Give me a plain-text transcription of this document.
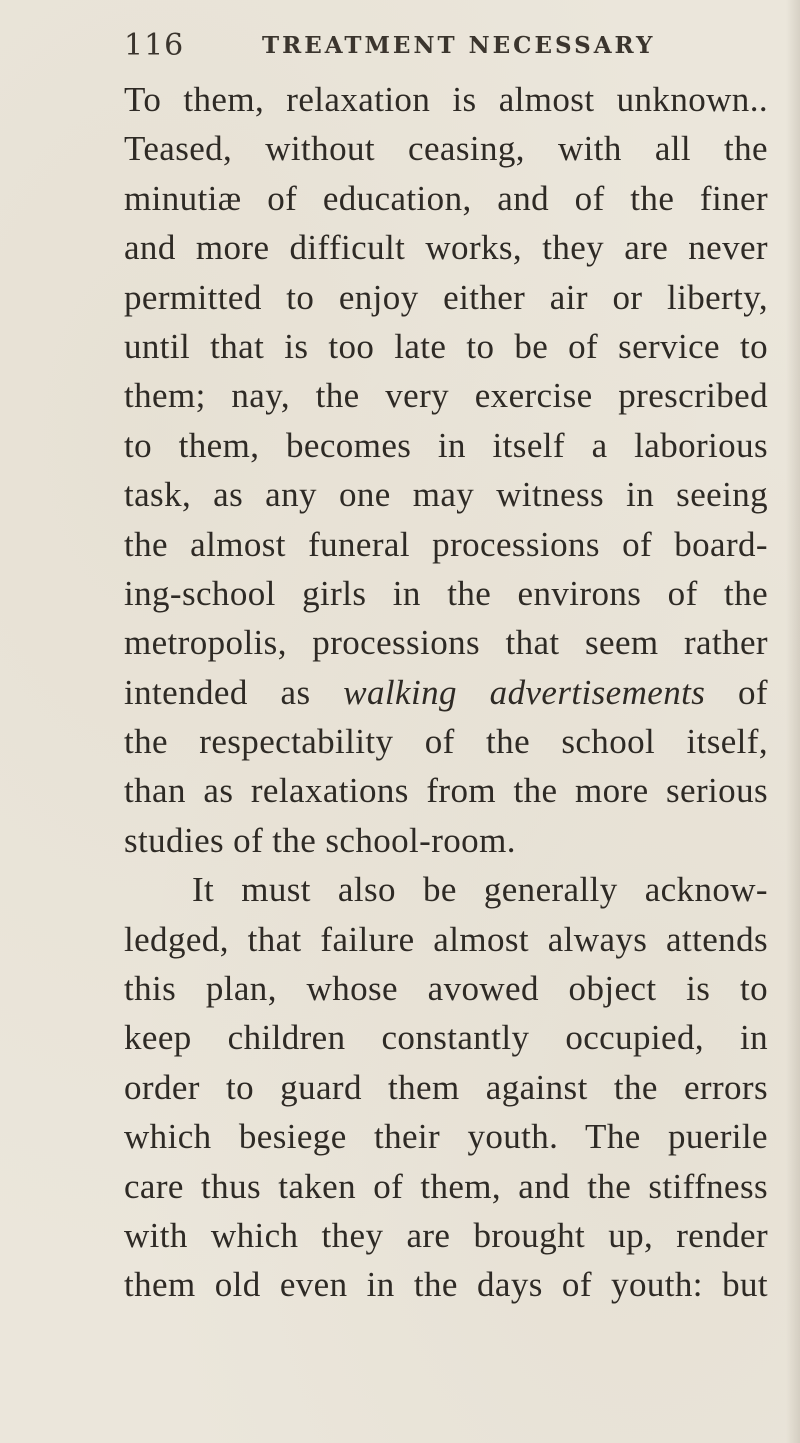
116	TREATMENT NECESSARY
To them, relaxation is almost unknown..
Teased, without ceasing, with all the
minutiæ of education, and of the finer
and more difficult works, they are never
permitted to enjoy either air or liberty,
until that is too late to be of service to
them; nay, the very exercise prescribed
to them, becomes in itself a laborious
task, as any one may witness in seeing
the almost funeral processions of board-
ing-school girls in the environs of the
metropolis, processions that seem rather
intended as walking advertisements of
the respectability of the school itself,
than as relaxations from the more serious
studies of the school-room.
It must also be generally acknow-
ledged, that failure almost always attends
this plan, whose avowed object is to
keep children constantly occupied, in
order to guard them against the errors
which besiege their youth. The puerile
care thus taken of them, and the stiffness
with which they are brought up, render
them old even in the days of youth: but
